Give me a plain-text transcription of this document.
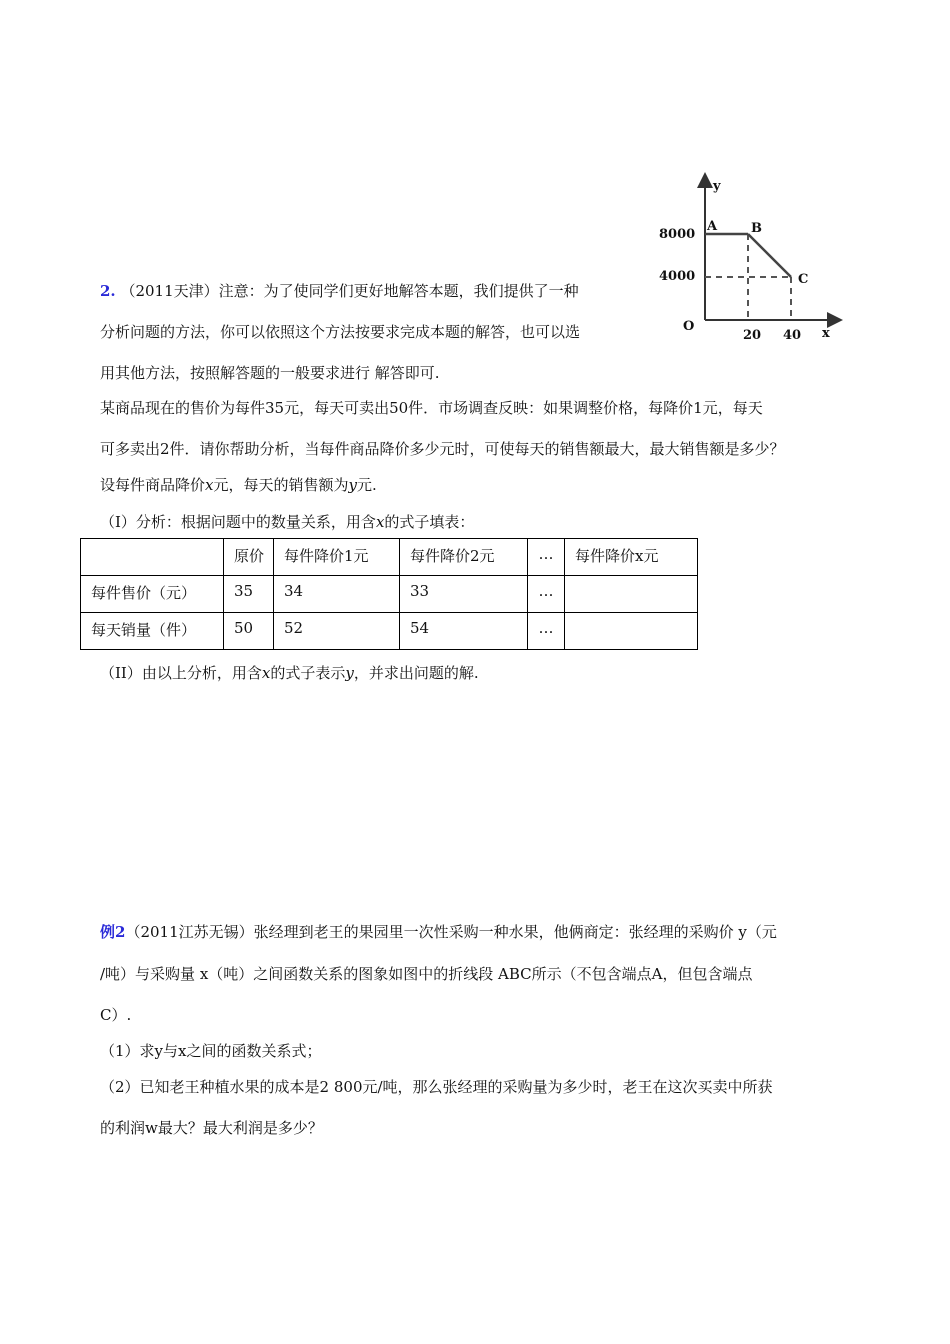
y
x
O
8000
4000
20 40
A	B
C
2. （2011天津）注意：为了使同学们更好地解答本题，我们提供了一种
分析问题的方法，你可以依照这个方法按要求完成本题的解答，也可以选
用其他方法，按照解答题的一般要求进行 解答即可.
某商品现在的售价为每件35元，每天可卖出50件．市场调查反映：如果调整价格，每降价1元，每天
可多卖出2件．请你帮助分析，当每件商品降价多少元时，可使每天的销售额最大，最大销售额是多少？
设每件商品降价x元，每天的销售额为y元.
（I）分析：根据问题中的数量关系，用含x的式子填表：
	原价	每件降价1元	每件降价2元	…	每件降价x元
每件售价（元）	35	34	33	…	
每天销量（件）	50	52	54	…	
（II）由以上分析，用含x的式子表示y，并求出问题的解.
例2（2011江苏无锡）张经理到老王的果园里一次性采购一种水果，他俩商定：张经理的采购价 y（元
/吨）与采购量 x（吨）之间函数关系的图象如图中的折线段 ABC所示（不包含端点A，但包含端点
C）.
（1）求y与x之间的函数关系式；
（2）已知老王种植水果的成本是2 800元/吨，那么张经理的采购量为多少时，老王在这次买卖中所获
的利润w最大？最大利润是多少？
